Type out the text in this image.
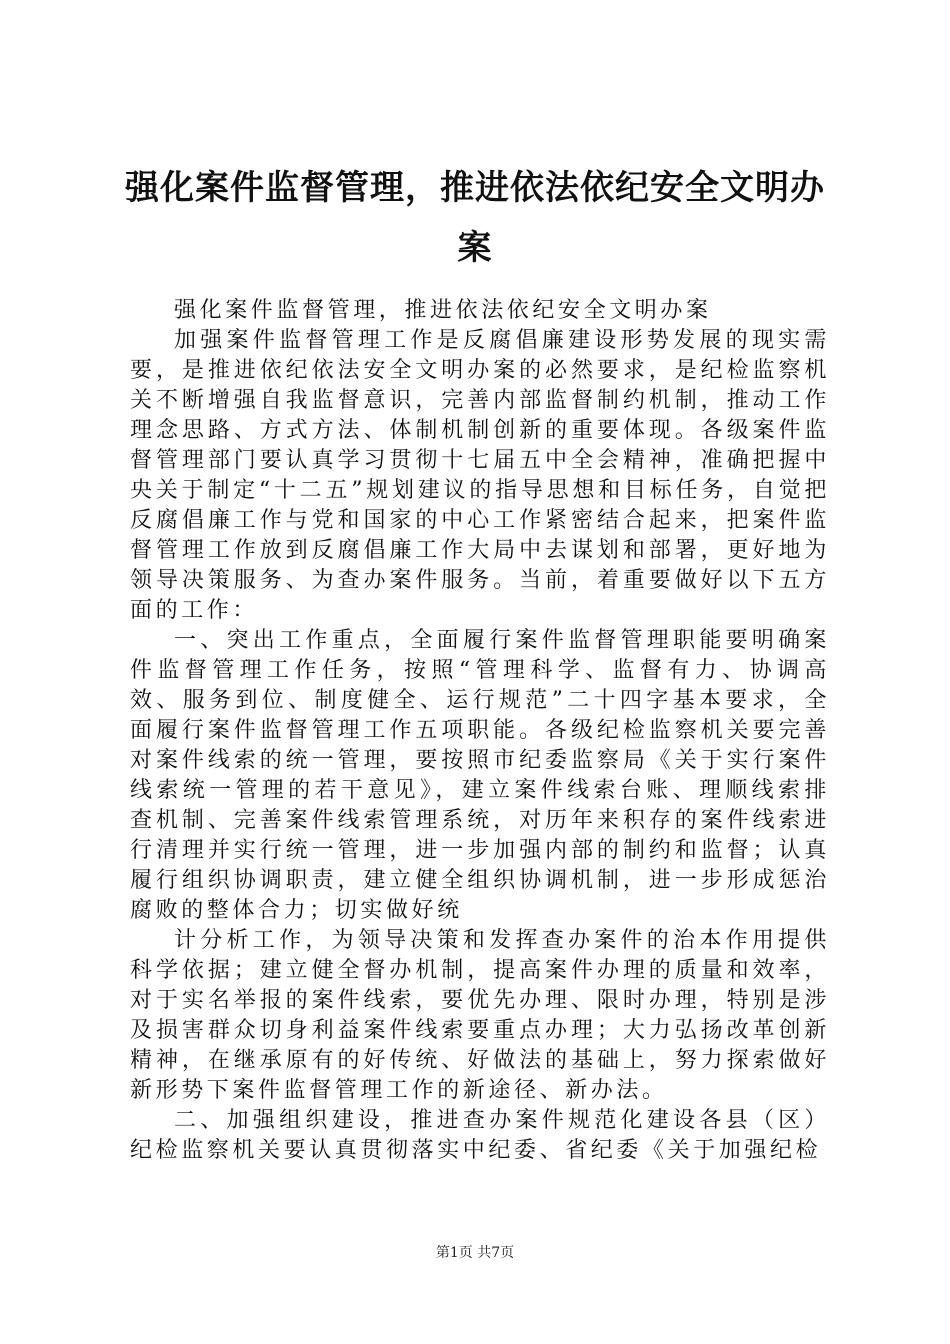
强化案件监督管理，推进依法依纪安全文明办案

强化案件监督管理，推进依法依纪安全文明办案

加强案件监督管理工作是反腐倡廉建设形势发展的现实需要，是推进依纪依法安全文明办案的必然要求，是纪检监察机关不断增强自我监督意识，完善内部监督制约机制，推动工作理念思路、方式方法、体制机制创新的重要体现。各级案件监督管理部门要认真学习贯彻十七届五中全会精神，准确把握中央关于制定“十二五”规划建议的指导思想和目标任务，自觉把反腐倡廉工作与党和国家的中心工作紧密结合起来，把案件监督管理工作放到反腐倡廉工作大局中去谋划和部署，更好地为领导决策服务、为查办案件服务。当前，着重要做好以下五方面的工作：

一、突出工作重点，全面履行案件监督管理职能要明确案件监督管理工作任务，按照“管理科学、监督有力、协调高效、服务到位、制度健全、运行规范”二十四字基本要求，全面履行案件监督管理工作五项职能。各级纪检监察机关要完善对案件线索的统一管理，要按照市纪委监察局《关于实行案件线索统一管理的若干意见》，建立案件线索台账、理顺线索排查机制、完善案件线索管理系统，对历年来积存的案件线索进行清理并实行统一管理，进一步加强内部的制约和监督；认真履行组织协调职责，建立健全组织协调机制，进一步形成惩治腐败的整体合力；切实做好统

计分析工作，为领导决策和发挥查办案件的治本作用提供科学依据；建立健全督办机制，提高案件办理的质量和效率，对于实名举报的案件线索，要优先办理、限时办理，特别是涉及损害群众切身利益案件线索要重点办理；大力弘扬改革创新精神，在继承原有的好传统、好做法的基础上，努力探索做好新形势下案件监督管理工作的新途径、新办法。

二、加强组织建设，推进查办案件规范化建设各县（区）纪检监察机关要认真贯彻落实中纪委、省纪委《关于加强纪检

第1页 共7页
